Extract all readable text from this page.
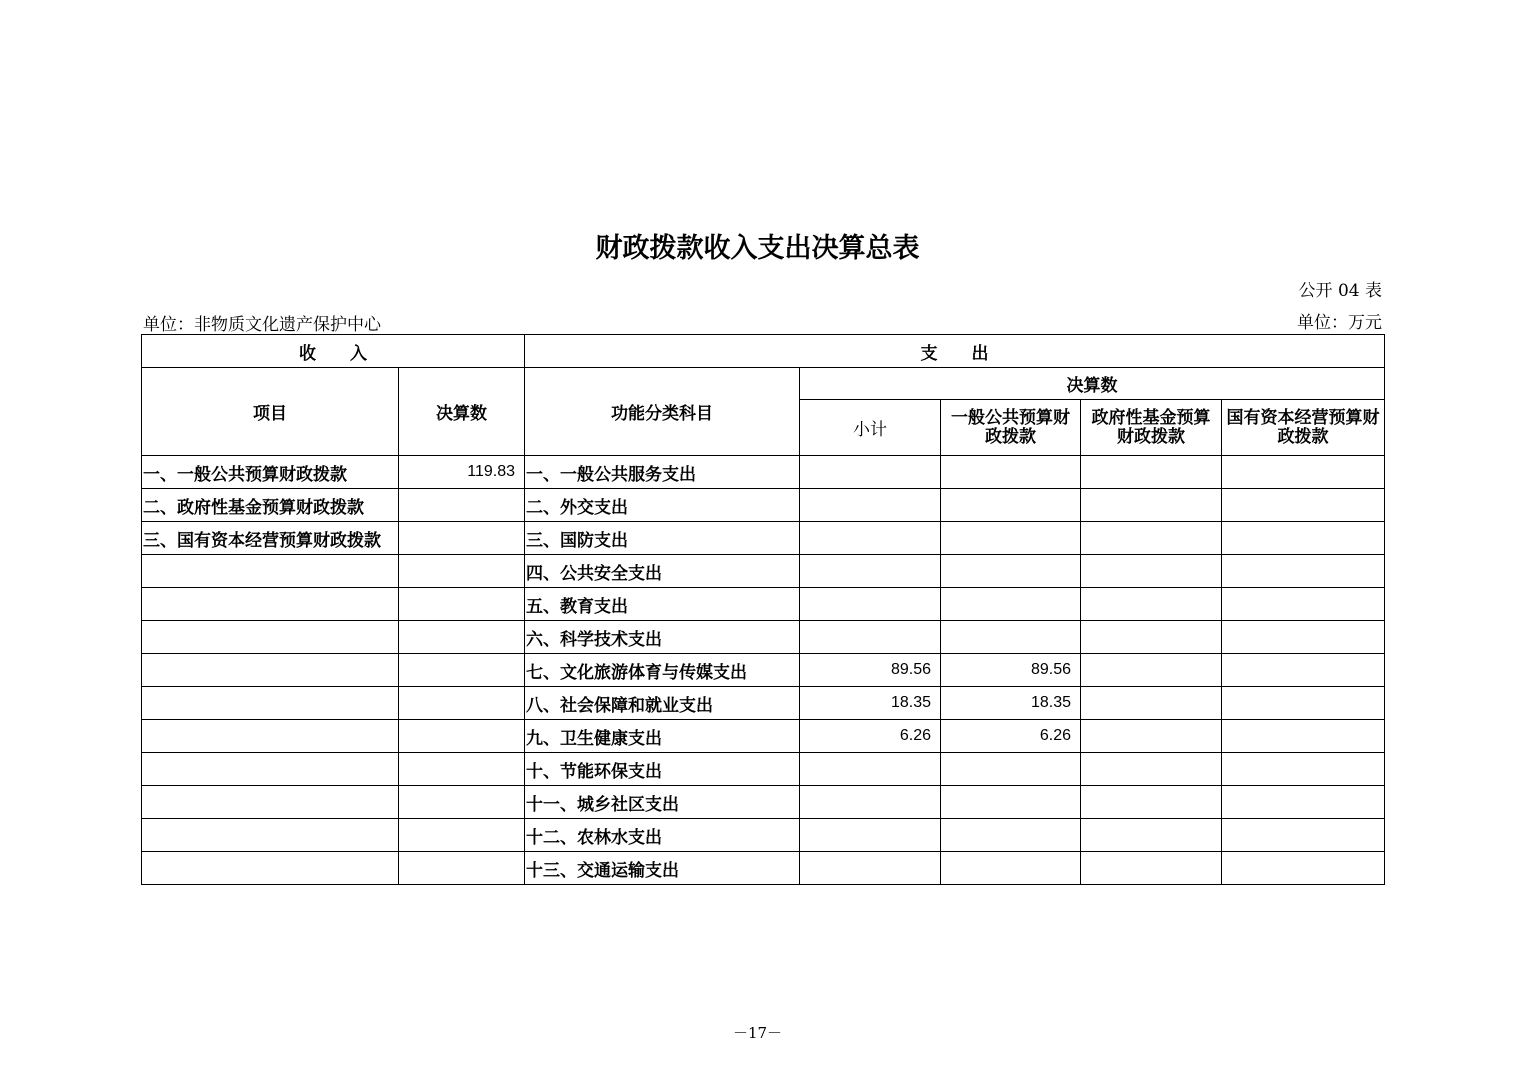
财政拨款收入支出决算总表
公开 04 表
单位：非物质文化遗产保护中心	单位：万元
收　　入		支　　出				
项目	决算数	功能分类科目	决算数			
			小计	一般公共预算财政拨款	政府性基金预算财政拨款	国有资本经营预算财政拨款
一、一般公共预算财政拨款	119.83	一、一般公共服务支出				
二、政府性基金预算财政拨款		二、外交支出				
三、国有资本经营预算财政拨款		三、国防支出				
		四、公共安全支出				
		五、教育支出				
		六、科学技术支出				
		七、文化旅游体育与传媒支出	89.56	89.56		
		八、社会保障和就业支出	18.35	18.35		
		九、卫生健康支出	6.26	6.26		
		十、节能环保支出				
		十一、城乡社区支出				
		十二、农林水支出				
		十三、交通运输支出				
－17－
